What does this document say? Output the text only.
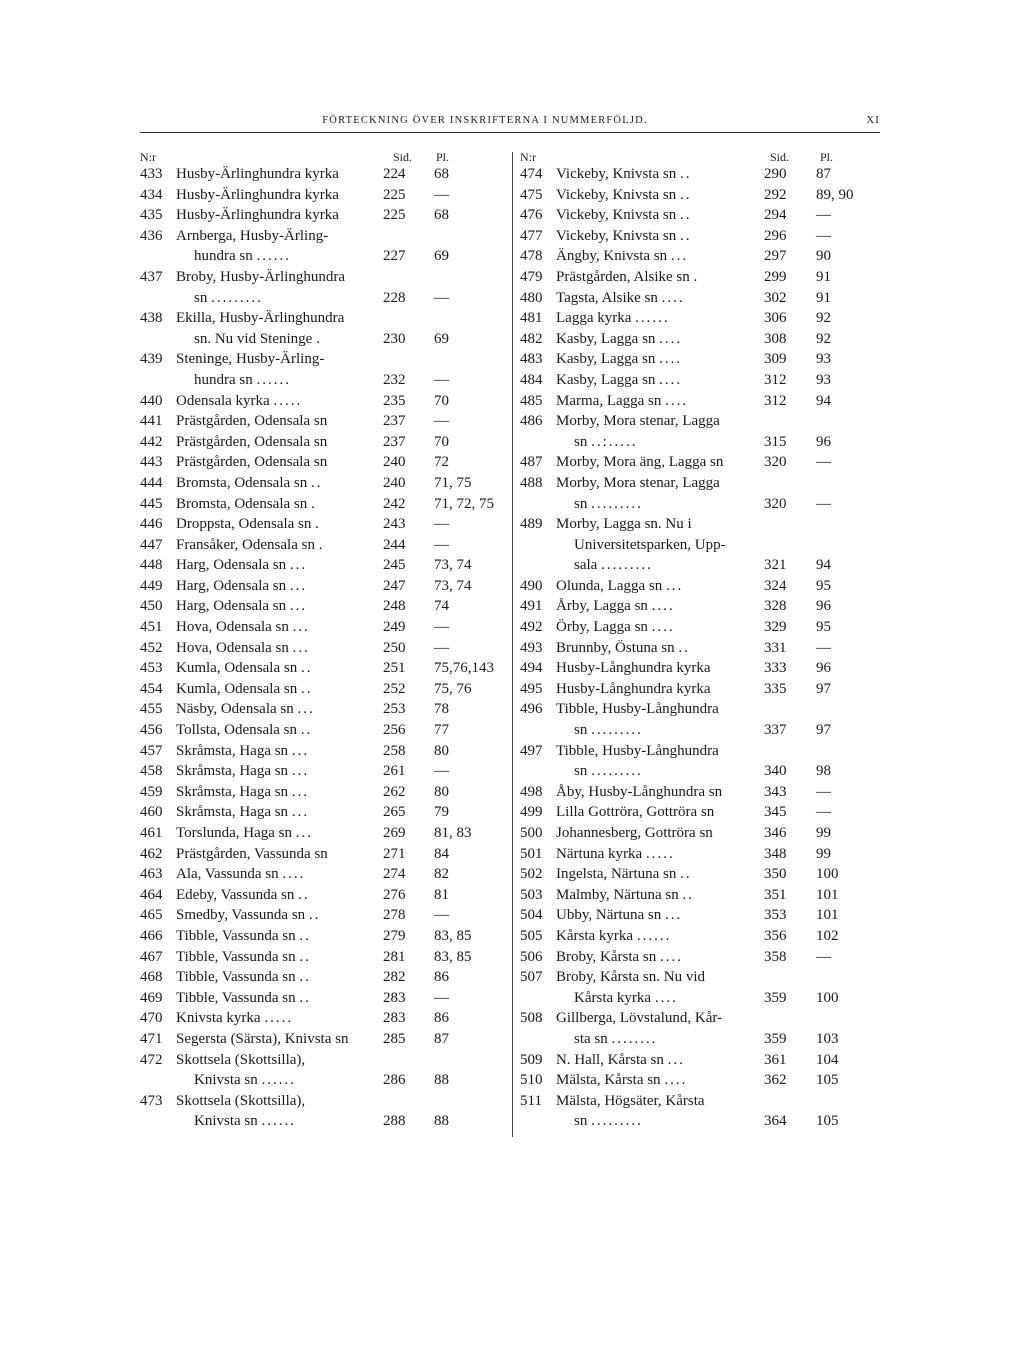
FÖRTECKNING ÖVER INSKRIFTERNA I NUMMERFÖLJD.	XI
N:r	Sid. Pl.
433 Husby-Ärlinghundra kyrka	224 68
434 Husby-Ärlinghundra kyrka	225 —
435 Husby-Ärlinghundra kyrka	225 68
436 Arnberga, Husby-Ärling-
hundra sn ......	227 69
437 Broby, Husby-Ärlinghundra
sn .........	228 —
438 Ekilla, Husby-Ärlinghundra
sn. Nu vid Steninge .	230 69
439 Steninge, Husby-Ärling-
hundra sn ......	232 —
440 Odensala kyrka .....	235 70
441 Prästgården, Odensala sn	237 —
442 Prästgården, Odensala sn	237 70
443 Prästgården, Odensala sn	240 72
444 Bromsta, Odensala sn ..	240 71, 75
445 Bromsta, Odensala sn .	242 71, 72, 75
446 Droppsta, Odensala sn .	243 —
447 Fransåker, Odensala sn .	244 —
448 Harg, Odensala sn ...	245 73, 74
449 Harg, Odensala sn ...	247 73, 74
450 Harg, Odensala sn ...	248 74
451 Hova, Odensala sn ...	249 —
452 Hova, Odensala sn ...	250 —
453 Kumla, Odensala sn ..	251 75,76,143
454 Kumla, Odensala sn ..	252 75, 76
455 Näsby, Odensala sn ...	253 78
456 Tollsta, Odensala sn ..	256 77
457 Skråmsta, Haga sn ...	258 80
458 Skråmsta, Haga sn ...	261 —
459 Skråmsta, Haga sn ...	262 80
460 Skråmsta, Haga sn ...	265 79
461 Torslunda, Haga sn ...	269 81, 83
462 Prästgården, Vassunda sn	271 84
463 Ala, Vassunda sn ....	274 82
464 Edeby, Vassunda sn ..	276 81
465 Smedby, Vassunda sn ..	278 —
466 Tibble, Vassunda sn ..	279 83, 85
467 Tibble, Vassunda sn ..	281 83, 85
468 Tibble, Vassunda sn ..	282 86
469 Tibble, Vassunda sn ..	283 —
470 Knivsta kyrka .....	283 86
471 Segersta (Särsta), Knivsta sn 285 87
472 Skottsela (Skottsilla),
Knivsta sn ......	286 88
473 Skottsela (Skottsilla),
Knivsta sn ......	288 88
N:r	Sid.	Pl.
474 Vickeby, Knivsta sn ..	290 87
475 Vickeby, Knivsta sn ..	292 89, 90
476 Vickeby, Knivsta sn ..	294 —
477 Vickeby, Knivsta sn ..	296 —
478 Ängby, Knivsta sn ...	297 90
479 Prästgården, Alsike sn .	299 91
480 Tagsta, Alsike sn ....	302 91
481 Lagga kyrka ......	306 92
482 Kasby, Lagga sn ....	308 92
483 Kasby, Lagga sn ....	309 93
484 Kasby, Lagga sn ....	312 93
485 Marma, Lagga sn ....	312 94
486 Morby, Mora stenar, Lagga
sn ..:.....	315 96
487 Morby, Mora äng, Lagga sn	320 —
488 Morby, Mora stenar, Lagga
sn .........	320 —
489 Morby, Lagga sn. Nu i
Universitetsparken, Upp-
sala .........	321 94
490 Olunda, Lagga sn ...	324 95
491 Årby, Lagga sn ....	328 96
492 Örby, Lagga sn ....	329 95
493 Brunnby, Östuna sn ..	331 —
494 Husby-Långhundra kyrka	333 96
495 Husby-Långhundra kyrka	335 97
496 Tibble, Husby-Långhundra
sn .........	337 97
497 Tibble, Husby-Långhundra
sn .........	340 98
498 Åby, Husby-Långhundra sn	343 —
499 Lilla Gottröra, Gottröra sn	345 —
500 Johannesberg, Gottröra sn	346 99
501 Närtuna kyrka .....	348 99
502 Ingelsta, Närtuna sn ..	350 100
503 Malmby, Närtuna sn ..	351 101
504 Ubby, Närtuna sn ...	353 101
505 Kårsta kyrka ......	356 102
506 Broby, Kårsta sn ....	358 —
507 Broby, Kårsta sn. Nu vid
Kårsta kyrka ....	359 100
508 Gillberga, Lövstalund, Kår-
sta sn ........	359 103
509 N. Hall, Kårsta sn ...	361 104
510 Mälsta, Kårsta sn ....	362 105
511 Mälsta, Högsäter, Kårsta
sn .........	364 105
